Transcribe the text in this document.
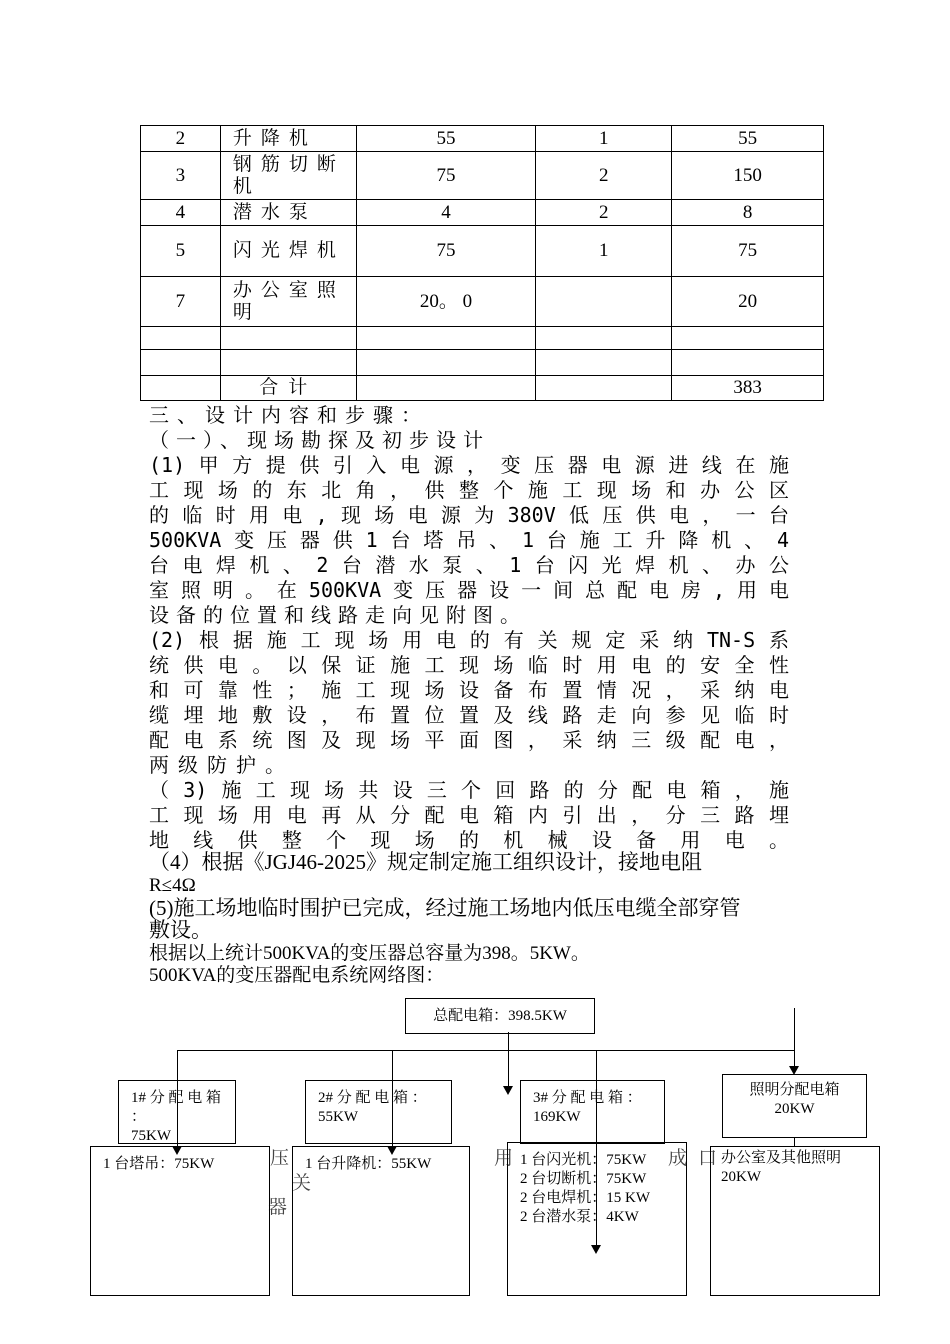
2	升降机	55	1	55
3	钢筋切断机	75	2	150
4	潜水泵	4	2	8
5	闪光焊机	75	1	75
7	办公室照明	20。 0		20

	合计			383
三、设计内容和步骤：
（一）、现场勘探及初步设计
(1)甲方提供引入电源，变压器电源进线在施
工现场的东北角，供整个施工现场和办公区
的临时用电,现场电源为380V低压供电，一台
500KVA变压器供1台塔吊、1台施工升降机、4
台电焊机、2台潜水泵、1台闪光焊机、办公
室照明。在500KVA变压器设一间总配电房,用电
设备的位置和线路走向见附图。
(2)根据施工现场用电的有关规定采纳TN-S系
统供电。以保证施工现场临时用电的安全性
和可靠性；施工现场设备布置情况，采纳电
缆埋地敷设，布置位置及线路走向参见临时
配电系统图及现场平面图，采纳三级配电，
两级防护。
（3)施工现场共设三个回路的分配电箱，施
工现场用电再从分配电箱内引出，分三路埋
地线供整个现场的机械设备用电。
（4）根据《JGJ46-2025》规定制定施工组织设计，接地电阻
R≤4Ω
(5)施工场地临时围护已完成，经过施工场地内低压电缆全部穿管
敷设。
根据以上统计500KVA的变压器总容量为398。5KW。
500KVA的变压器配电系统网络图：
总配电箱：398.5KW
1# 分 配 电 箱 ：
75KW
2# 分 配 电 箱 ：
55KW
3# 分 配 电 箱 ：
169KW
照明分配电箱
20KW
压
关
器
用	成 口
1 台塔吊：75KW	1 台升降机：55KW	1 台闪光机：75KW
2 台切断机：75KW
2 台电焊机：15 KW
2 台潜水泵：4KW
办公室及其他照明
20KW
